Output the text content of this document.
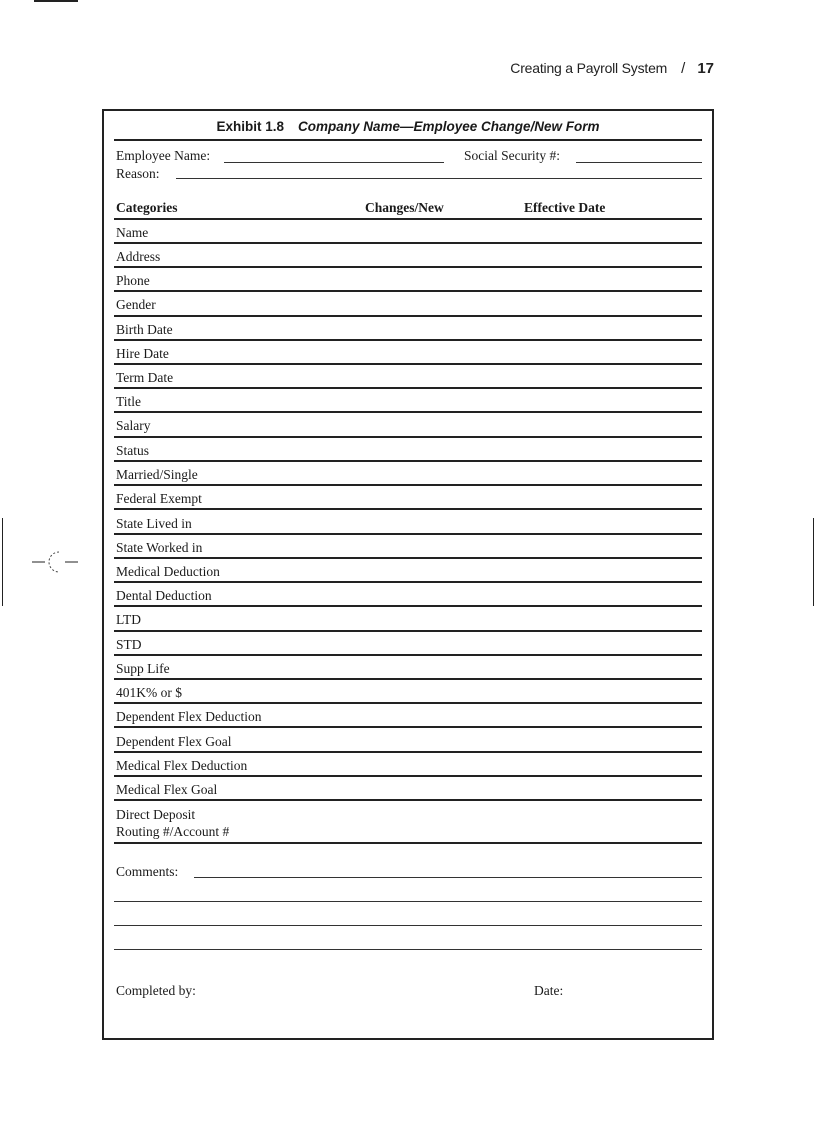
Creating a Payroll System / 17
Exhibit 1.8 Company Name—Employee Change/New Form
Employee Name:	Social Security #:
Reason:
Categories	Changes/New	Effective Date
Name
Address
Phone
Gender
Birth Date
Hire Date
Term Date
Title
Salary
Status
Married/Single
Federal Exempt
State Lived in
State Worked in
Medical Deduction
Dental Deduction
LTD
STD
Supp Life
401K% or $
Dependent Flex Deduction
Dependent Flex Goal
Medical Flex Deduction
Medical Flex Goal
Direct Deposit
Routing #/Account #
Comments:
Completed by:	Date:
